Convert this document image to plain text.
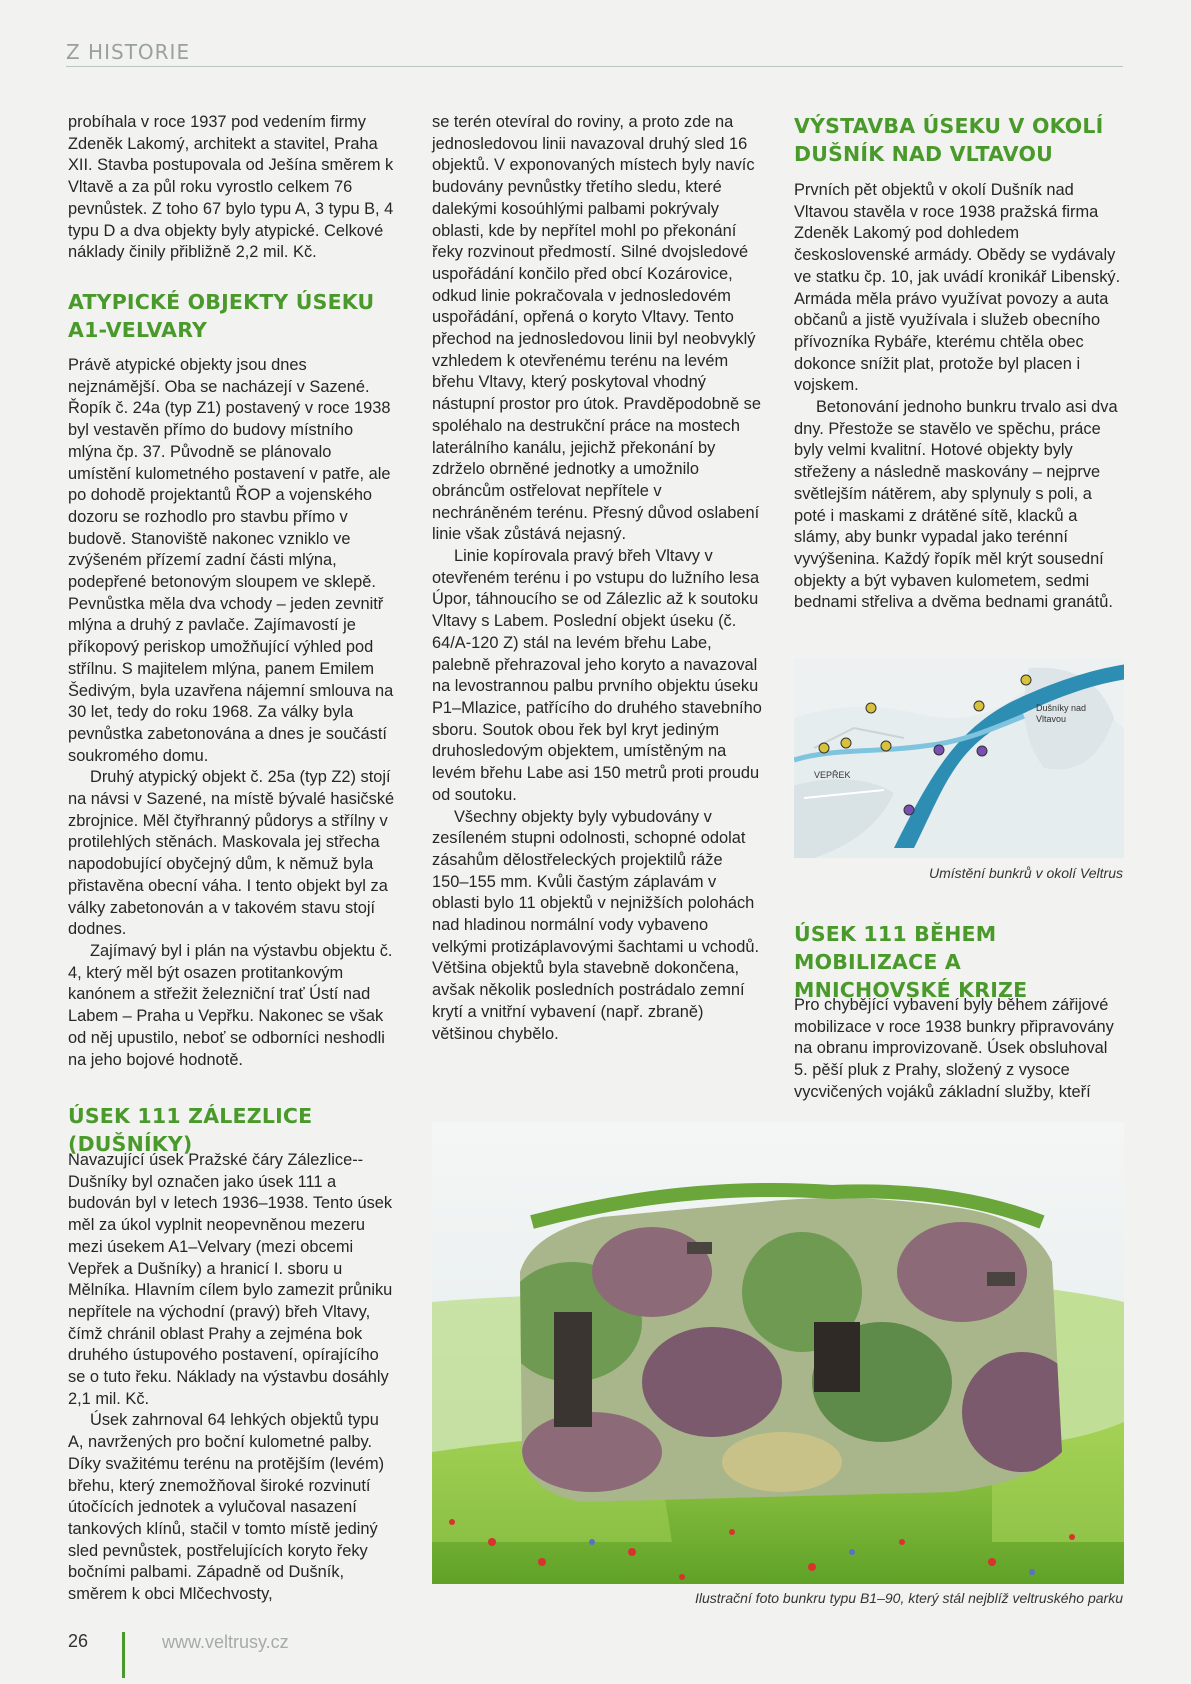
Z HISTORIE

probíhala v roce 1937 pod vedením firmy Zdeněk Lakomý, architekt a stavitel, Praha XII. Stavba postupovala od Ješína směrem k Vltavě a za půl roku vyrostlo celkem 76 pevnůstek. Z toho 67 bylo typu A, 3 typu B, 4 typu D a dva objekty byly atypické. Celkové náklady činily přibližně 2,2 mil. Kč.

ATYPICKÉ OBJEKTY ÚSEKU A1-VELVARY

Právě atypické objekty jsou dnes nejznámější. Oba se nacházejí v Sazené. Řopík č. 24a (typ Z1) postavený v roce 1938 byl vestavěn přímo do budovy místního mlýna čp. 37. Původně se plánovalo umístění kulometného postavení v patře, ale po dohodě projektantů ŘOP a vojenského dozoru se rozhodlo pro stavbu přímo v budově. Stanoviště nakonec vzniklo ve zvýšeném přízemí zadní části mlýna, podepřené betonovým sloupem ve sklepě. Pevnůstka měla dva vchody – jeden zevnitř mlýna a druhý z pavlače. Zajímavostí je příkopový periskop umožňující výhled pod střílnu. S majitelem mlýna, panem Emilem Šedivým, byla uzavřena nájemní smlouva na 30 let, tedy do roku 1968. Za války byla pevnůstka zabetonována a dnes je součástí soukromého domu.

Druhý atypický objekt č. 25a (typ Z2) stojí na návsi v Sazené, na místě bývalé hasičské zbrojnice. Měl čtyřhranný půdorys a střílny v protilehlých stěnách. Maskovala jej střecha napodobující obyčejný dům, k němuž byla přistavěna obecní váha. I tento objekt byl za války zabetonován a v takovém stavu stojí dodnes.

Zajímavý byl i plán na výstavbu objektu č. 4, který měl být osazen protitankovým kanónem a střežit železniční trať Ústí nad Labem – Praha u Vepřku. Nakonec se však od něj upustilo, neboť se odborníci neshodli na jeho bojové hodnotě.

ÚSEK 111 ZÁLEZLICE (DUŠNÍKY)

Navazující úsek Pražské čáry Zálezlice--Dušníky byl označen jako úsek 111 a budován byl v letech 1936–1938. Tento úsek měl za úkol vyplnit neopevněnou mezeru mezi úsekem A1–Velvary (mezi obcemi Vepřek a Dušníky) a hranicí I. sboru u Mělníka. Hlavním cílem bylo zamezit průniku nepřítele na východní (pravý) břeh Vltavy, čímž chránil oblast Prahy a zejména bok druhého ústupového postavení, opírajícího se o tuto řeku. Náklady na výstavbu dosáhly 2,1 mil. Kč.

Úsek zahrnoval 64 lehkých objektů typu A, navržených pro boční kulometné palby. Díky svažitému terénu na protějším (levém) břehu, který znemožňoval široké rozvinutí útočících jednotek a vylučoval nasazení tankových klínů, stačil v tomto místě jediný sled pevnůstek, postřelujících koryto řeky bočními palbami. Západně od Dušník, směrem k obci Mlčechvosty,

se terén otevíral do roviny, a proto zde na jednosledovou linii navazoval druhý sled 16 objektů. V exponovaných místech byly navíc budovány pevnůstky třetího sledu, které dalekými kosoúhlými palbami pokrývaly oblasti, kde by nepřítel mohl po překonání řeky rozvinout předmostí. Silné dvojsledové uspořádání končilo před obcí Kozárovice, odkud linie pokračovala v jednosledovém uspořádání, opřená o koryto Vltavy. Tento přechod na jednosledovou linii byl neobvyklý vzhledem k otevřenému terénu na levém břehu Vltavy, který poskytoval vhodný nástupní prostor pro útok. Pravděpodobně se spoléhalo na destrukční práce na mostech laterálního kanálu, jejichž překonání by zdrželo obrněné jednotky a umožnilo obráncům ostřelovat nepřítele v nechráněném terénu. Přesný důvod oslabení linie však zůstává nejasný.

Linie kopírovala pravý břeh Vltavy v otevřeném terénu i po vstupu do lužního lesa Úpor, táhnoucího se od Zálezlic až k soutoku Vltavy s Labem. Poslední objekt úseku (č. 64/A-120 Z) stál na levém břehu Labe, palebně přehrazoval jeho koryto a navazoval na levostrannou palbu prvního objektu úseku P1–Mlazice, patřícího do druhého stavebního sboru. Soutok obou řek byl kryt jediným druhosledovým objektem, umístěným na levém břehu Labe asi 150 metrů proti proudu od soutoku.

Všechny objekty byly vybudovány v zesíleném stupni odolnosti, schopné odolat zásahům dělostřeleckých projektilů ráže 150–155 mm. Kvůli častým záplavám v oblasti bylo 11 objektů v nejnižších polohách nad hladinou normální vody vybaveno velkými protizáplavovými šachtami u vchodů. Většina objektů byla stavebně dokončena, avšak několik posledních postrádalo zemní krytí a vnitřní vybavení (např. zbraně) většinou chybělo.

VÝSTAVBA ÚSEKU V OKOLÍ DUŠNÍK NAD VLTAVOU

Prvních pět objektů v okolí Dušník nad Vltavou stavěla v roce 1938 pražská firma Zdeněk Lakomý pod dohledem československé armády. Obědy se vydávaly ve statku čp. 10, jak uvádí kronikář Libenský. Armáda měla právo využívat povozy a auta občanů a jistě využívala i služeb obecního přívozníka Rybáře, kterému chtěla obec dokonce snížit plat, protože byl placen i vojskem.

Betonování jednoho bunkru trvalo asi dva dny. Přestože se stavělo ve spěchu, práce byly velmi kvalitní. Hotové objekty byly střeženy a následně maskovány – nejprve světlejším nátěrem, aby splynuly s poli, a poté i maskami z drátěné sítě, klacků a slámy, aby bunkr vypadal jako terénní vyvýšenina. Každý řopík měl krýt sousední objekty a být vybaven kulometem, sedmi bednami střeliva a dvěma bednami granátů.

Dušníky nad Vltavou
VEPŘEK
Umístění bunkrů v okolí Veltrus
ÚSEK 111 BĚHEM MOBILIZACE A MNICHOVSKÉ KRIZE

Pro chybějící vybavení byly během zářijové mobilizace v roce 1938 bunkry připravovány na obranu improvizovaně. Úsek obsluhoval 5. pěší pluk z Prahy, složený z vysoce vycvičených vojáků základní služby, kteří

Ilustrační foto bunkru typu B1–90, který stál nejblíž veltruského parku
26	www.veltrusy.cz
